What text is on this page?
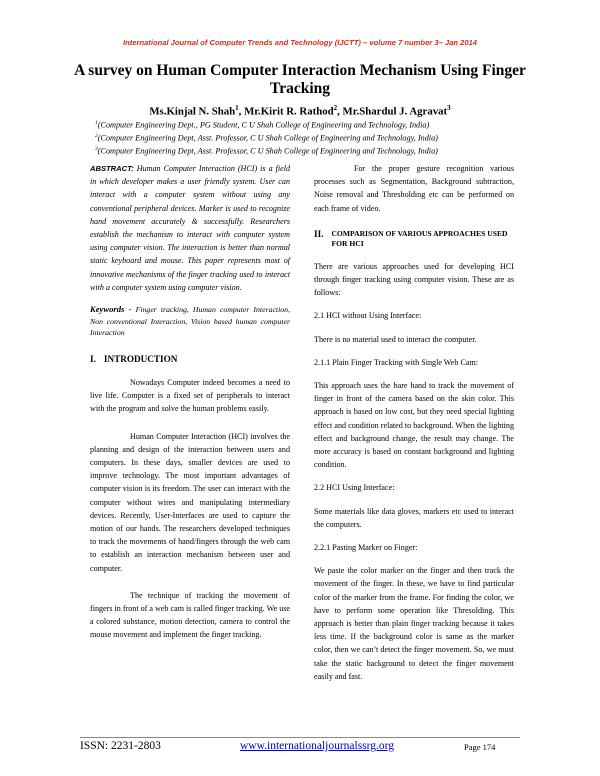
International Journal of Computer Trends and Technology (IJCTT) – volume 7 number 3– Jan 2014
A survey on Human Computer Interaction Mechanism Using Finger Tracking
Ms.Kinjal N. Shah$^1$, Mr.Kirit R. Rathod$^2$, Mr.Shardul J. Agravat$^3$
$^1$(Computer Engineering Dept., PG Student, C U Shah College of Engineering and Technology, India)
$^2$(Computer Engineering Dept, Asst. Professor, C U Shah College of Engineering and Technology, India)
$^3$(Computer Engineering Dept, Asst. Professor, C U Shah College of Engineering and Technology, India)

ABSTRACT: Human Computer Interaction (HCI) is a field in which developer makes a user friendly system. User can interact with a computer system without using any conventional peripheral devices. Marker is used to recognize hand movement accurately & successfully. Researchers establish the mechanism to interact with computer system using computer vision. The interaction is better than normal static keyboard and mouse. This paper represents most of innovative mechanisms of the finger tracking used to interact with a computer system using computer vision.

Keywords - Finger tracking, Human computer Interaction, Non conventional Interaction, Vision based human computer Interaction

I. INTRODUCTION

Nowadays Computer indeed becomes a need to live life. Computer is a fixed set of peripherals to interact with the program and solve the human problems easily.

Human Computer Interaction (HCI) involves the planning and design of the interaction between users and computers. In these days, smaller devices are used to improve technology. The most important advantages of computer vision is its freedom. The user can interact with the computer without wires and manipulating intermediary devices. Recently, User-Interfaces are used to capture the motion of our hands. The researchers developed techniques to track the movements of hand/fingers through the web cam to establish an interaction mechanism between user and computer.

The technique of tracking the movement of fingers in front of a web cam is called finger tracking. We use a colored substance, motion detection, camera to control the mouse movement and implement the finger tracking.

For the proper gesture recognition various processes such as Segmentation, Background subtraction, Noise removal and Thresholding etc can be performed on each frame of video.

II. COMPARISON OF VARIOUS APPROACHES USED FOR HCI

There are various approaches used for developing HCI through finger tracking using computer vision. These are as follows:

2.1 HCI without Using Interface:

There is no material used to interact the computer.

2.1.1 Plain Finger Tracking with Single Web Cam:

This approach uses the bare hand to track the movement of finger in front of the camera based on the skin color. This approach is based on low cost, but they need special lighting effect and condition related to background. When the lighting effect and background change, the result may change. The more accuracy is based on constant background and lighting condition.

2.2 HCI Using Interface:

Some materials like data gloves, markers etc used to interact the computers.

2.2.1 Pasting Marker on Finger:

We paste the color marker on the finger and then track the movement of the finger. In these, we have to find particular color of the marker from the frame. For finding the color, we have to perform some operation like Thresolding. This approach is better than plain finger tracking because it takes less time. If the background color is same as the marker color, then we can’t detect the finger movement. So, we must take the static background to detect the finger movement easily and fast.

ISSN: 2231-2803	www.internationaljournalssrg.org	Page 174
